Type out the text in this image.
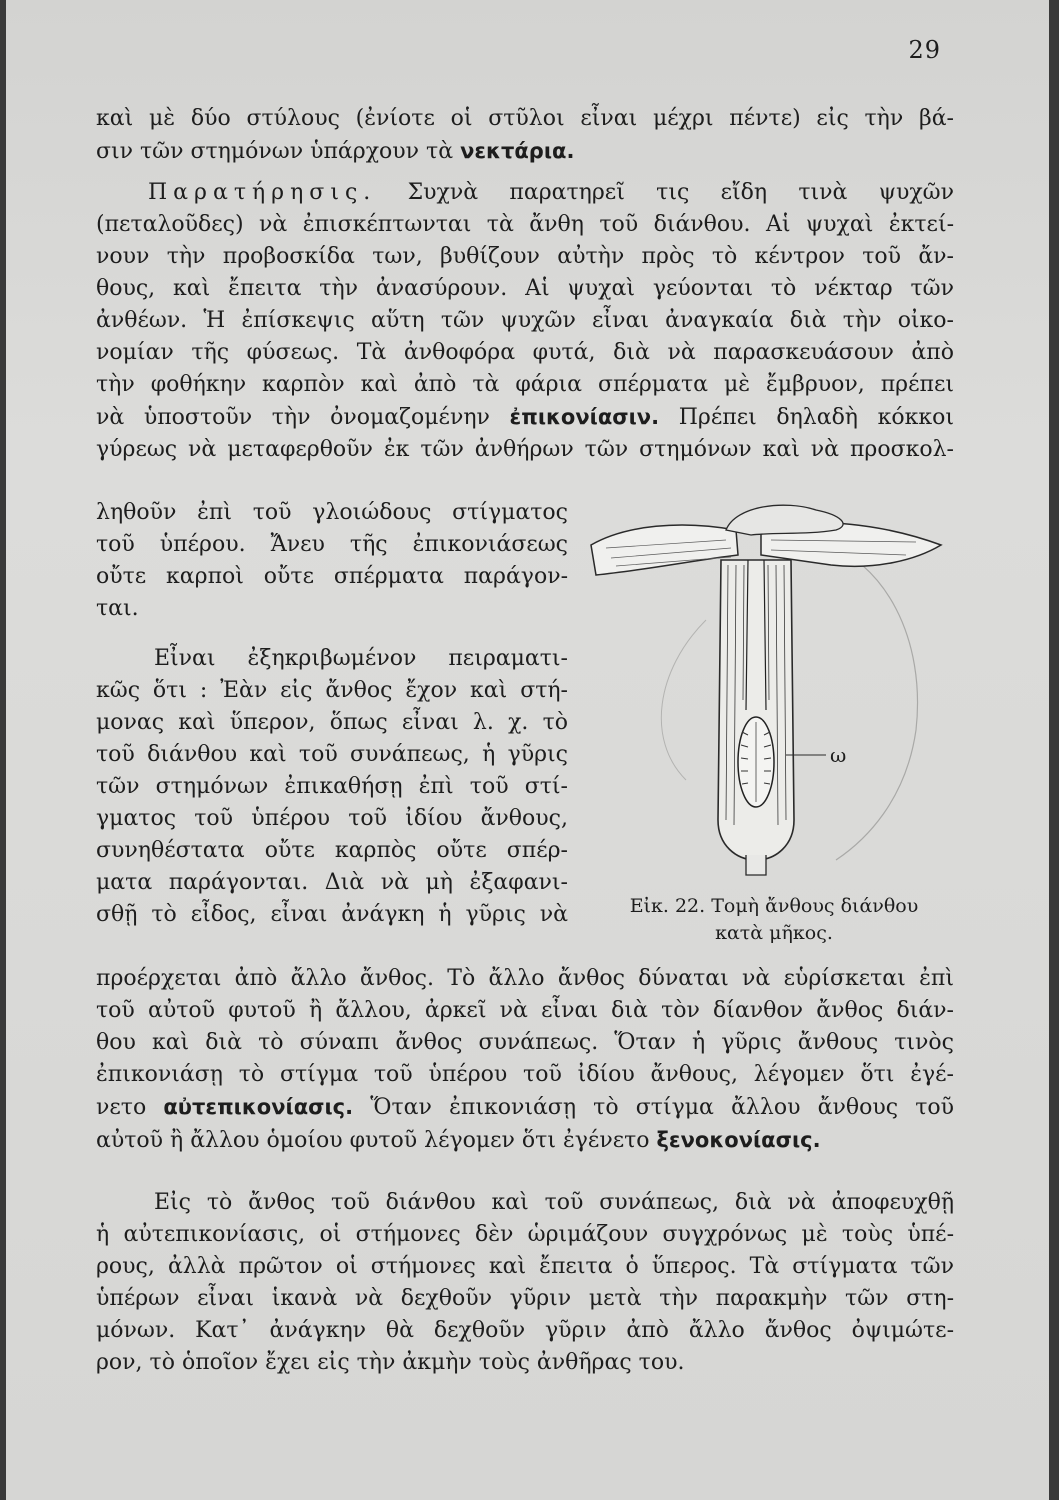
29
καὶ μὲ δύο στύλους (ἐνίοτε οἱ στῦλοι εἶναι μέχρι πέντε) εἰς τὴν βά-
σιν τῶν στημόνων ὑπάρχουν τὰ νεκτάρια.
Παρατήρησις. Συχνὰ παρατηρεῖ τις εἴδη τινὰ ψυχῶν
(πεταλοῦδες) νὰ ἐπισκέπτωνται τὰ ἄνθη τοῦ διάνθου. Αἱ ψυχαὶ ἐκτεί-
νουν τὴν προβοσκίδα των, βυθίζουν αὐτὴν πρὸς τὸ κέντρον τοῦ ἄν-
θους, καὶ ἔπειτα τὴν ἀνασύρουν. Αἱ ψυχαὶ γεύονται τὸ νέκταρ τῶν
ἀνθέων. Ἡ ἐπίσκεψις αὕτη τῶν ψυχῶν εἶναι ἀναγκαία διὰ τὴν οἰκο-
νομίαν τῆς φύσεως. Τὰ ἀνθοφόρα φυτά, διὰ νὰ παρασκευάσουν ἀπὸ
τὴν φοθήκην καρπὸν καὶ ἀπὸ τὰ φάρια σπέρματα μὲ ἔμβρυον, πρέπει
νὰ ὑποστοῦν τὴν ὀνομαζομένην ἐπικονίασιν. Πρέπει δηλαδὴ κόκκοι
γύρεως νὰ μεταφερθοῦν ἐκ τῶν ἀνθήρων τῶν στημόνων καὶ νὰ προσκολ-
ληθοῦν ἐπὶ τοῦ γλοιώδους στίγματος
τοῦ ὑπέρου. Ἄνευ τῆς ἐπικονιάσεως
οὔτε καρποὶ οὔτε σπέρματα παράγον-
ται.
Εἶναι ἐξηκριβωμένον πειραματι-
κῶς ὅτι : Ἐὰν εἰς ἄνθος ἔχον καὶ στή-
μονας καὶ ὕπερον, ὅπως εἶναι λ. χ. τὸ
τοῦ διάνθου καὶ τοῦ συνάπεως, ἡ γῦρις
τῶν στημόνων ἐπικαθήσῃ ἐπὶ τοῦ στί-
γματος τοῦ ὑπέρου τοῦ ἰδίου ἄνθους,
συνηθέστατα οὔτε καρπὸς οὔτε σπέρ-
ματα παράγονται. Διὰ νὰ μὴ ἐξαφανι-
σθῇ τὸ εἶδος, εἶναι ἀνάγκη ἡ γῦρις νὰ
προέρχεται ἀπὸ ἄλλο ἄνθος. Τὸ ἄλλο ἄνθος δύναται νὰ εὑρίσκεται ἐπὶ
τοῦ αὐτοῦ φυτοῦ ἢ ἄλλου, ἀρκεῖ νὰ εἶναι διὰ τὸν δίανθον ἄνθος διάν-
θου καὶ διὰ τὸ σύναπι ἄνθος συνάπεως. Ὅταν ἡ γῦρις ἄνθους τινὸς
ἐπικονιάσῃ τὸ στίγμα τοῦ ὑπέρου τοῦ ἰδίου ἄνθους, λέγομεν ὅτι ἐγέ-
νετο αὐτεπικονίασις. Ὅταν ἐπικονιάσῃ τὸ στίγμα ἄλλου ἄνθους τοῦ
αὐτοῦ ἢ ἄλλου ὁμοίου φυτοῦ λέγομεν ὅτι ἐγένετο ξενοκονίασις.
Εἰς τὸ ἄνθος τοῦ διάνθου καὶ τοῦ συνάπεως, διὰ νὰ ἀποφευχθῇ
ἡ αὐτεπικονίασις, οἱ στήμονες δὲν ὡριμάζουν συγχρόνως μὲ τοὺς ὑπέ-
ρους, ἀλλὰ πρῶτον οἱ στήμονες καὶ ἔπειτα ὁ ὕπερος. Τὰ στίγματα τῶν
ὑπέρων εἶναι ἱκανὰ νὰ δεχθοῦν γῦριν μετὰ τὴν παρακμὴν τῶν στη-
μόνων. Κατ᾽ ἀνάγκην θὰ δεχθοῦν γῦριν ἀπὸ ἄλλο ἄνθος ὀψιμώτε-
ρον, τὸ ὁποῖον ἔχει εἰς τὴν ἀκμὴν τοὺς ἀνθῆρας του.
ω
Εἰκ. 22. Τομὴ ἄνθους διάνθου
κατὰ μῆκος.
